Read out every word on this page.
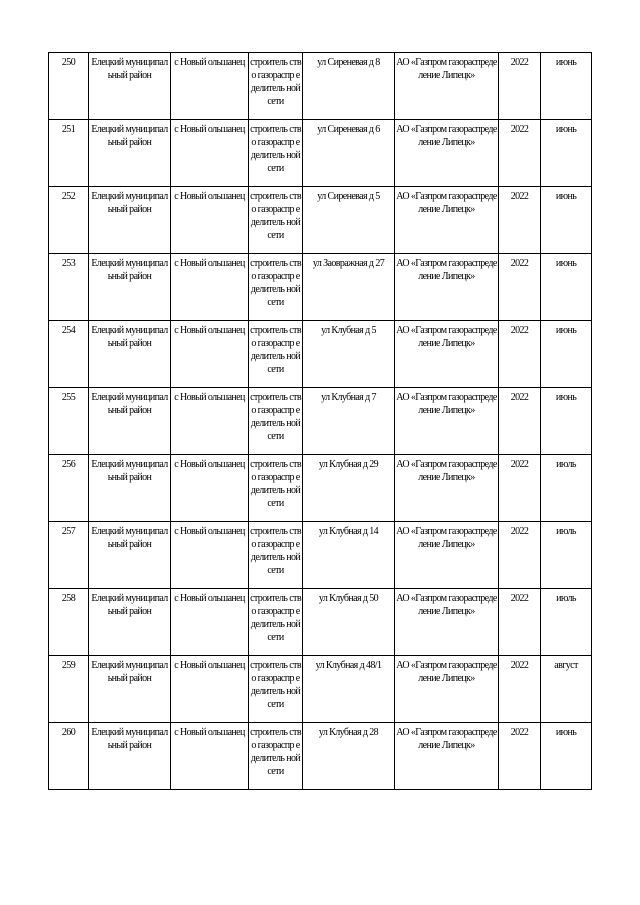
250	Елецкий муниципальный район	с Новый ольшанец	строитель ство газораспр еделитель ной сети	ул Сиреневая д 8	АО «Газпром газораспределение Липецк»	2022	июнь
251	Елецкий муниципальный район	с Новый ольшанец	строитель ство газораспр еделитель ной сети	ул Сиреневая д 6	АО «Газпром газораспределение Липецк»	2022	июнь
252	Елецкий муниципальный район	с Новый ольшанец	строитель ство газораспр еделитель ной сети	ул Сиреневая д 5	АО «Газпром газораспределение Липецк»	2022	июнь
253	Елецкий муниципальный район	с Новый ольшанец	строитель ство газораспр еделитель ной сети	ул Заовражная д 27	АО «Газпром газораспределение Липецк»	2022	июнь
254	Елецкий муниципальный район	с Новый ольшанец	строитель ство газораспр еделитель ной сети	ул Клубная д 5	АО «Газпром газораспределение Липецк»	2022	июнь
255	Елецкий муниципальный район	с Новый ольшанец	строитель ство газораспр еделитель ной сети	ул Клубная д 7	АО «Газпром газораспределение Липецк»	2022	июнь
256	Елецкий муниципальный район	с Новый ольшанец	строитель ство газораспр еделитель ной сети	ул Клубная д 29	АО «Газпром газораспределение Липецк»	2022	июль
257	Елецкий муниципальный район	с Новый ольшанец	строитель ство газораспр еделитель ной сети	ул Клубная д 14	АО «Газпром газораспределение Липецк»	2022	июль
258	Елецкий муниципальный район	с Новый ольшанец	строитель ство газораспр еделитель ной сети	ул Клубная д 50	АО «Газпром газораспределение Липецк»	2022	июль
259	Елецкий муниципальный район	с Новый ольшанец	строитель ство газораспр еделитель ной сети	ул Клубная д 48/1	АО «Газпром газораспределение Липецк»	2022	август
260	Елецкий муниципальный район	с Новый ольшанец	строитель ство газораспр еделитель ной сети	ул Клубная д 28	АО «Газпром газораспределение Липецк»	2022	июнь
